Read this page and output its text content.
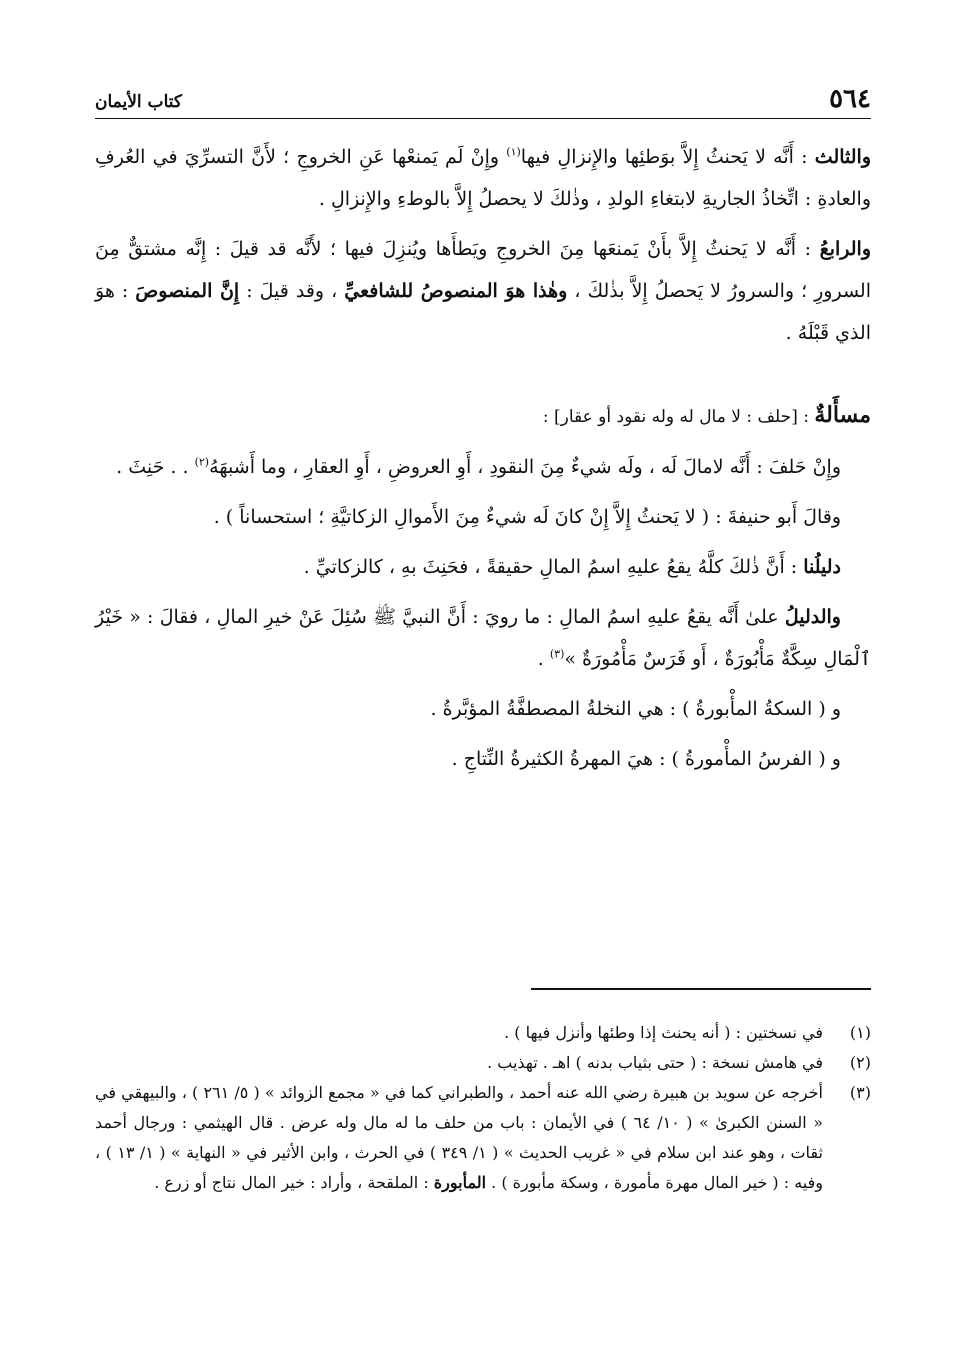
٥٦٤
كتاب الأيمان

والثالث : أَنَّه لا يَحنثُ إِلاَّ بوَطئِها والإِنزالِ فيها$^{(١)}$ وإِنْ لَم يَمنعْها عَنِ الخروجِ ؛ لأَنَّ التسرِّيَ في العُرفِ والعادةِ : اتِّخاذُ الجاريةِ لابتغاءِ الولدِ ، وذٰلكَ لا يحصلُ إِلاَّ بالوطءِ والإِنزالِ .

والرابعُ : أَنَّه لا يَحنثُ إِلاَّ بأَنْ يَمنعَها مِنَ الخروجِ ويَطأَها ويُنزِلَ فيها ؛ لأَنَّه قد قيلَ : إِنَّه مشتقٌّ مِنَ السرورِ ؛ والسرورُ لا يَحصلُ إِلاَّ بذٰلكَ ، وهٰذا هوَ المنصوصُ للشافعيِّ ، وقد قيلَ : إِنَّ المنصوصَ : هوَ الذي قَبْلَهُ .

مسأَلةٌ : [حلف : لا مال له وله نقود أو عقار] :

وإِنْ حَلفَ : أَنَّه لامالَ لَه ، ولَه شيءٌ مِنَ النقودِ ، أَوِ العروضِ ، أَوِ العقارِ ، وما أَشبهَهُ$^{(٢)}$ . . حَنِثَ .

وقالَ أَبو حنيفةَ : ( لا يَحنثُ إِلاَّ إِنْ كانَ لَه شيءٌ مِنَ الأَموالِ الزكاتيَّةِ ؛ استحساناً ) .

دليلُنا : أَنَّ ذٰلكَ كلَّهُ يقعُ عليهِ اسمُ المالِ حقيقةً ، فحَنِثَ بهِ ، كالزكاتيِّ .

والدليلُ علىٰ أَنَّه يقعُ عليهِ اسمُ المالِ : ما رويَ : أَنَّ النبيَّ ﷺ سُئِلَ عَنْ خيرِ المالِ ، فقالَ : « خَيْرُ ٱلْمَالِ سِكَّةٌ مَأْبُورَةٌ ، أَو فَرَسٌ مَأْمُورَةٌ »$^{(٣)}$ .

و ( السكةُ المأْبورةُ ) : هي النخلةُ المصطفَّةُ المؤبَّرةُ .

و ( الفرسُ المأْمورةُ ) : هيَ المهرةُ الكثيرةُ النِّتاجِ .

(١)
في نسختين : ( أنه يحنث إذا وطئها وأنزل فيها ) .
(٢)
في هامش نسخة : ( حتى بثياب بدنه ) اهـ . تهذيب .
(٣)
أخرجه عن سويد بن هبيرة رضي الله عنه أحمد ، والطبراني كما في « مجمع الزوائد » ( ٥/ ٢٦١ ) ، والبيهقي في « السنن الكبرىٰ » ( ١٠/ ٦٤ ) في الأيمان : باب من حلف ما له مال وله عرض . قال الهيثمي : ورجال أحمد ثقات ، وهو عند ابن سلام في « غريب الحديث » ( ١/ ٣٤٩ ) في الحرث ، وابن الأثير في « النهاية » ( ١/ ١٣ ) ، وفيه : ( خير المال مهرة مأمورة ، وسكة مأبورة ) . المأبورة : الملقحة ، وأراد : خير المال نتاج أو زرع .
